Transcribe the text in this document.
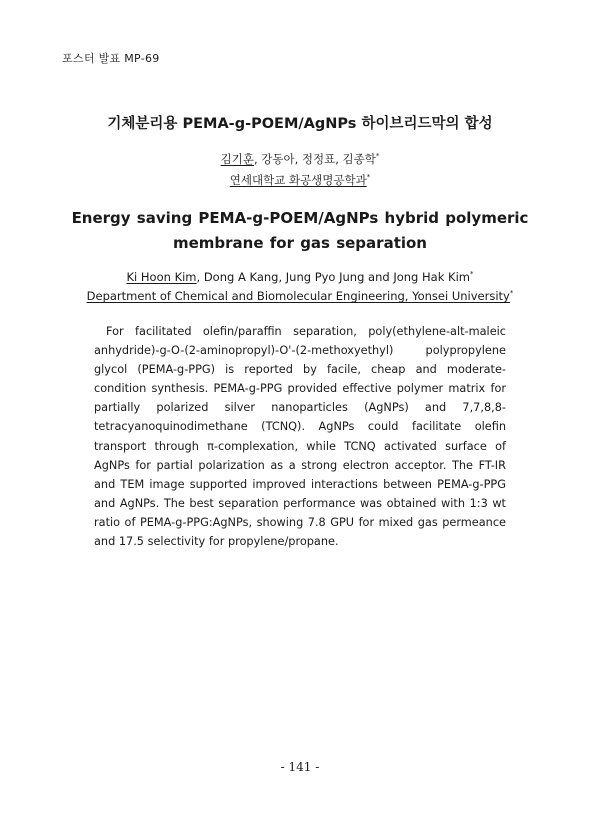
포스터 발표 MP-69
기체분리용 PEMA-g-POEM/AgNPs 하이브리드막의 합성
김기훈, 강동아, 정정표, 김종학*
연세대학교 화공생명공학과*
Energy saving PEMA-g-POEM/AgNPs hybrid polymeric
membrane for gas separation
Ki Hoon Kim, Dong A Kang, Jung Pyo Jung and Jong Hak Kim*
Department of Chemical and Biomolecular Engineering, Yonsei University*

For facilitated olefin/paraffin separation, poly(ethylene-alt-maleic anhydride)-g-O-(2-aminopropyl)-O'-(2-methoxyethyl) polypropylene glycol (PEMA-g-PPG) is reported by facile, cheap and moderate-condition synthesis. PEMA-g-PPG provided effective polymer matrix for partially polarized silver nanoparticles (AgNPs) and 7,7,8,8-tetracyanoquinodimethane (TCNQ). AgNPs could facilitate olefin transport through π-complexation, while TCNQ activated surface of AgNPs for partial polarization as a strong electron acceptor. The FT-IR and TEM image supported improved interactions between PEMA-g-PPG and AgNPs. The best separation performance was obtained with 1:3 wt ratio of PEMA-g-PPG:AgNPs, showing 7.8 GPU for mixed gas permeance and 17.5 selectivity for propylene/propane.

- 141 -
